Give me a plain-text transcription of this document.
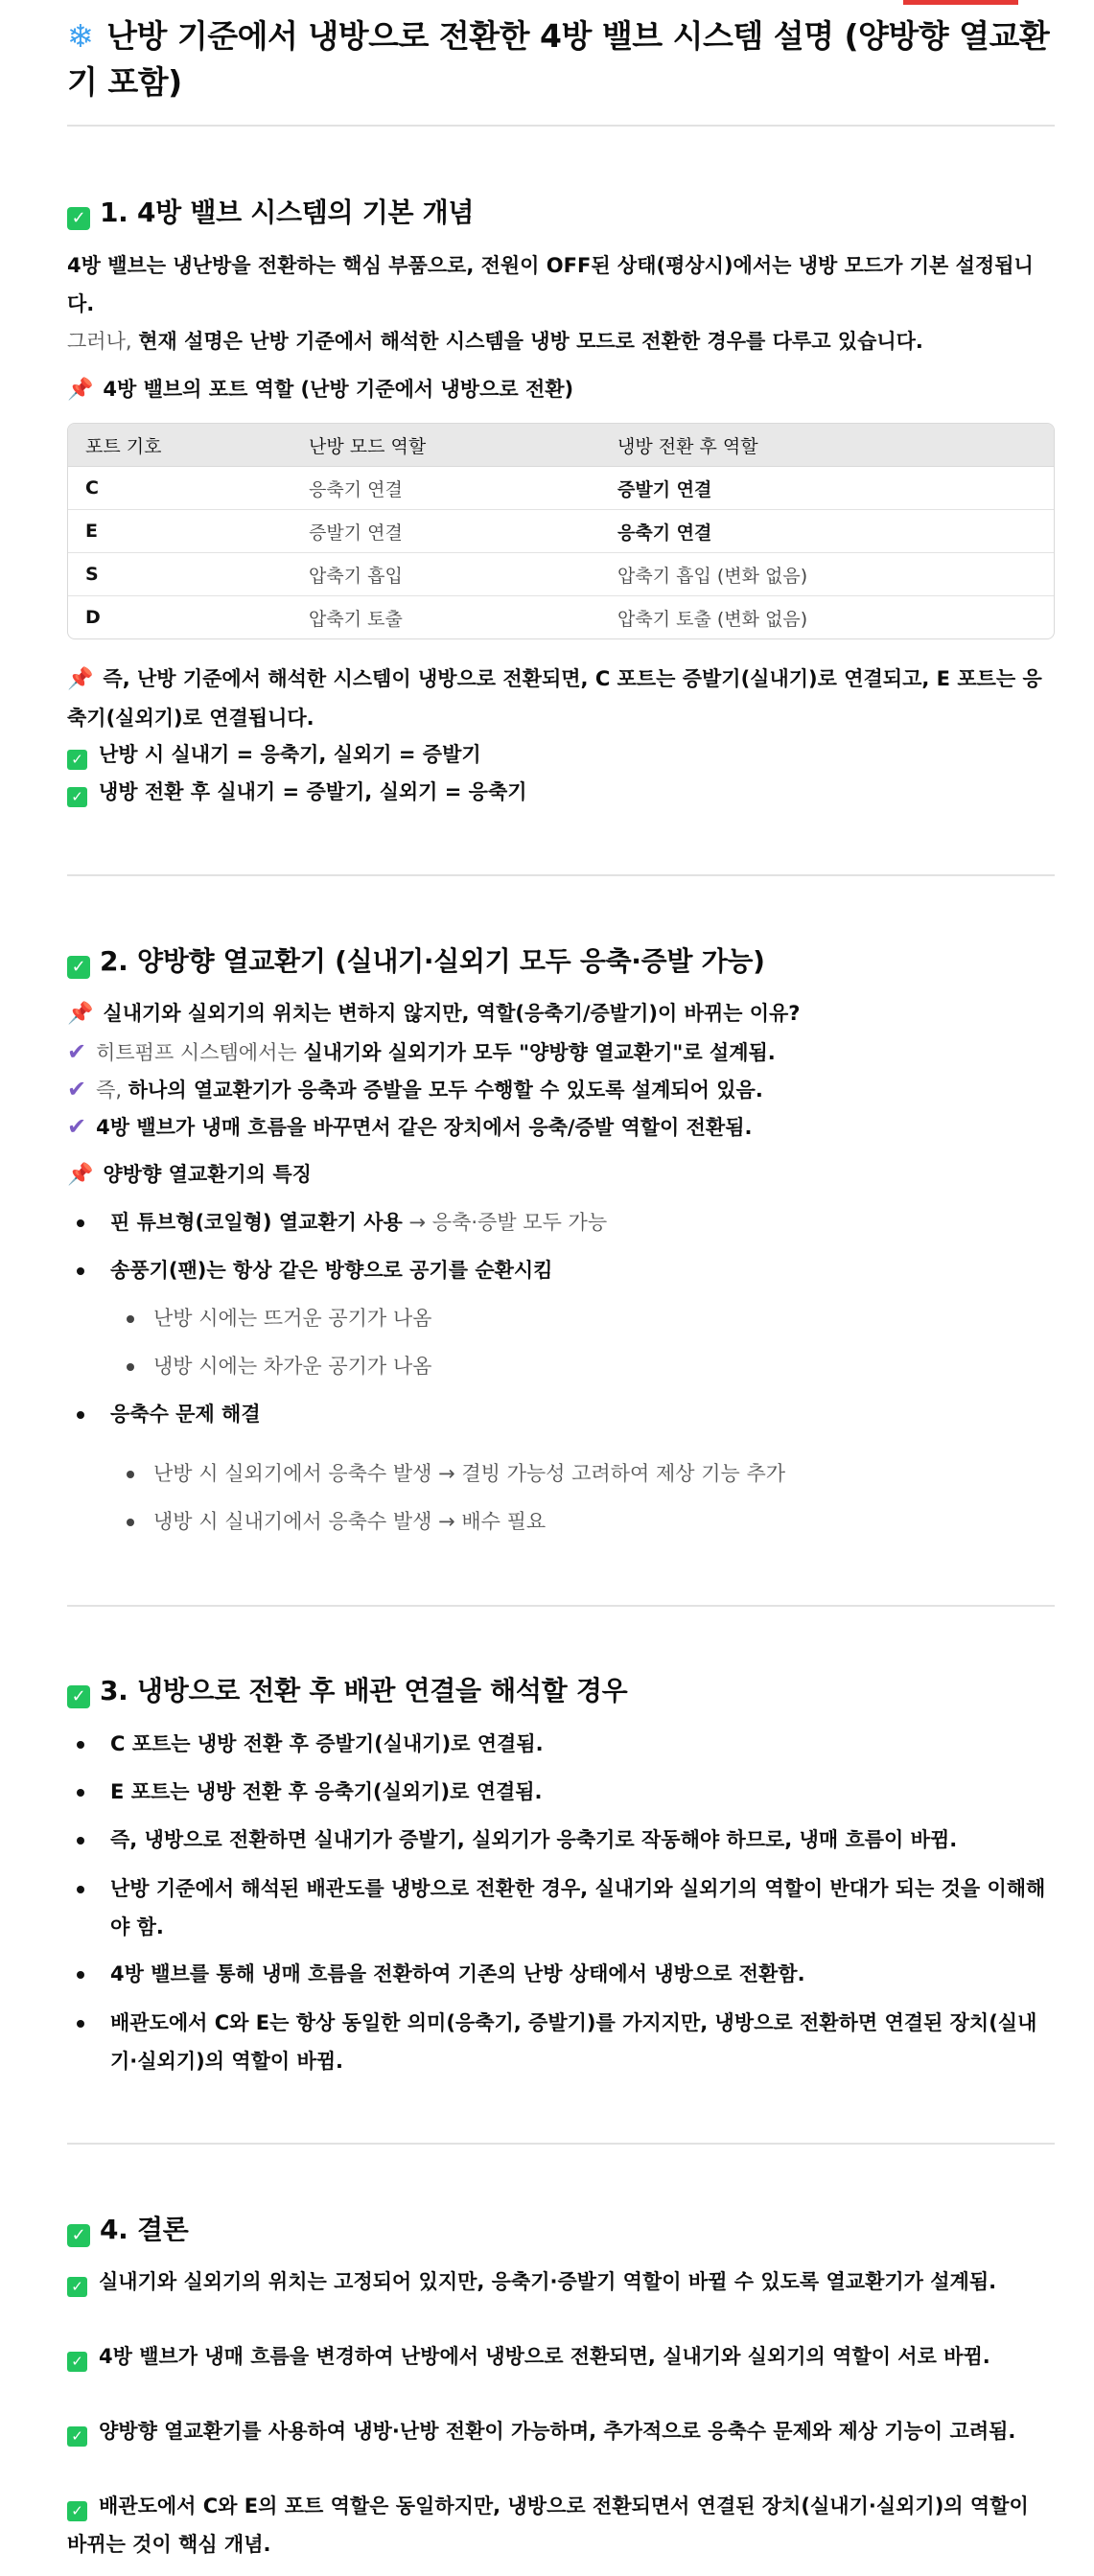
❄ 난방 기준에서 냉방으로 전환한 4방 밸브 시스템 설명 (양방향 열교환기 포함)
✓ 1. 4방 밸브 시스템의 기본 개념
4방 밸브는 냉난방을 전환하는 핵심 부품으로, 전원이 OFF된 상태(평상시)에서는 냉방 모드가 기본 설정됩니다.
그러나, 현재 설명은 난방 기준에서 해석한 시스템을 냉방 모드로 전환한 경우를 다루고 있습니다.
📌 4방 밸브의 포트 역할 (난방 기준에서 냉방으로 전환)
포트 기호	난방 모드 역할	냉방 전환 후 역할
C	응축기 연결	증발기 연결
E	증발기 연결	응축기 연결
S	압축기 흡입	압축기 흡입 (변화 없음)
D	압축기 토출	압축기 토출 (변화 없음)
📌 즉, 난방 기준에서 해석한 시스템이 냉방으로 전환되면, C 포트는 증발기(실내기)로 연결되고, E 포트는 응축기(실외기)로 연결됩니다.
✓ 난방 시 실내기 = 응축기, 실외기 = 증발기
✓ 냉방 전환 후 실내기 = 증발기, 실외기 = 응축기
✓ 2. 양방향 열교환기 (실내기·실외기 모두 응축·증발 가능)
📌 실내기와 실외기의 위치는 변하지 않지만, 역할(응축기/증발기)이 바뀌는 이유?
✔ 히트펌프 시스템에서는 실내기와 실외기가 모두 "양방향 열교환기"로 설계됨.
✔ 즉, 하나의 열교환기가 응축과 증발을 모두 수행할 수 있도록 설계되어 있음.
✔ 4방 밸브가 냉매 흐름을 바꾸면서 같은 장치에서 응축/증발 역할이 전환됨.
📌 양방향 열교환기의 특징
핀 튜브형(코일형) 열교환기 사용 → 응축·증발 모두 가능
송풍기(팬)는 항상 같은 방향으로 공기를 순환시킴
난방 시에는 뜨거운 공기가 나옴
냉방 시에는 차가운 공기가 나옴
응축수 문제 해결
난방 시 실외기에서 응축수 발생 → 결빙 가능성 고려하여 제상 기능 추가
냉방 시 실내기에서 응축수 발생 → 배수 필요
✓ 3. 냉방으로 전환 후 배관 연결을 해석할 경우
C 포트는 냉방 전환 후 증발기(실내기)로 연결됨.
E 포트는 냉방 전환 후 응축기(실외기)로 연결됨.
즉, 냉방으로 전환하면 실내기가 증발기, 실외기가 응축기로 작동해야 하므로, 냉매 흐름이 바뀜.
난방 기준에서 해석된 배관도를 냉방으로 전환한 경우, 실내기와 실외기의 역할이 반대가 되는 것을 이해해야 함.
4방 밸브를 통해 냉매 흐름을 전환하여 기존의 난방 상태에서 냉방으로 전환함.
배관도에서 C와 E는 항상 동일한 의미(응축기, 증발기)를 가지지만, 냉방으로 전환하면 연결된 장치(실내기·실외기)의 역할이 바뀜.
✓ 4. 결론
✓ 실내기와 실외기의 위치는 고정되어 있지만, 응축기·증발기 역할이 바뀔 수 있도록 열교환기가 설계됨.
✓ 4방 밸브가 냉매 흐름을 변경하여 난방에서 냉방으로 전환되면, 실내기와 실외기의 역할이 서로 바뀜.
✓ 양방향 열교환기를 사용하여 냉방·난방 전환이 가능하며, 추가적으로 응축수 문제와 제상 기능이 고려됨.
✓ 배관도에서 C와 E의 포트 역할은 동일하지만, 냉방으로 전환되면서 연결된 장치(실내기·실외기)의 역할이 바뀌는 것이 핵심 개념.
